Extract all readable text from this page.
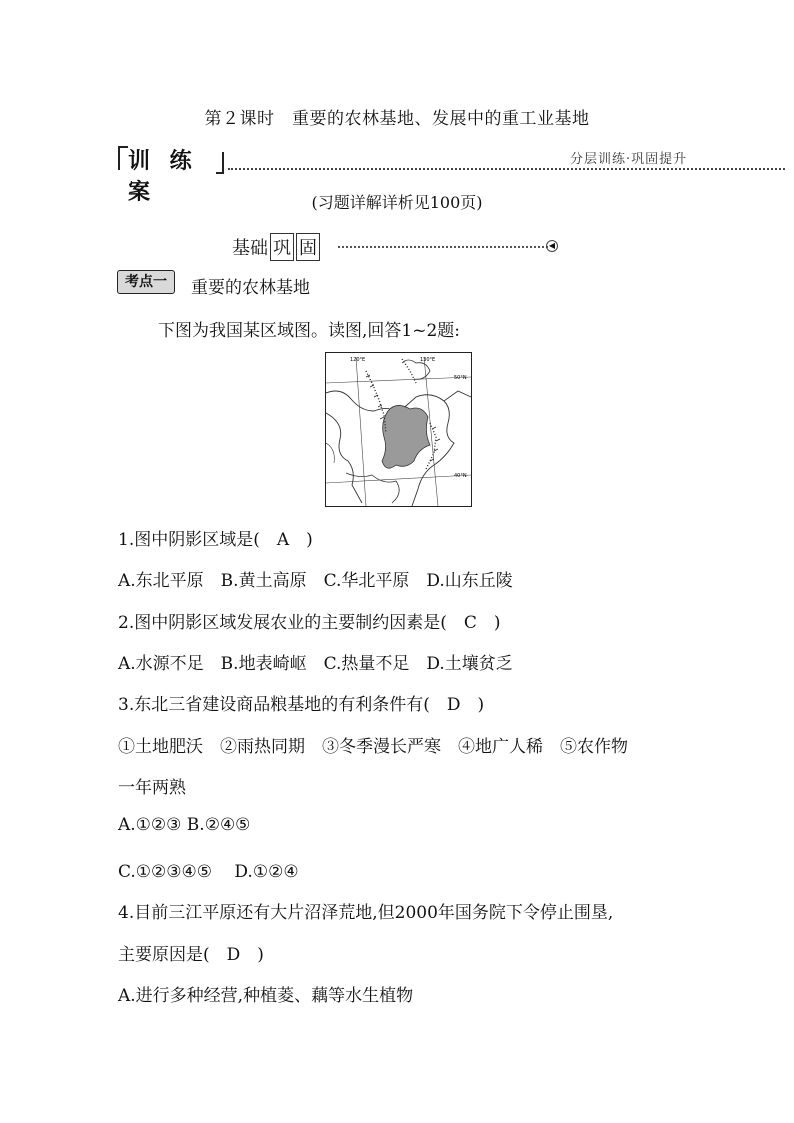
第２课时　重要的农林基地、发展中的重工业基地
训 练 案
分层训练·巩固提升
(习题详解详析见100页)
基础 巩 固	◀
考点一	重要的农林基地
下图为我国某区域图。读图,回答1~2题:
120°E	130°E
50°N
40°N
1.图中阴影区域是(　A　)
A.东北平原　B.黄土高原　C.华北平原　D.山东丘陵
2.图中阴影区域发展农业的主要制约因素是(　C　)
A.水源不足　B.地表崎岖　C.热量不足　D.土壤贫乏
3.东北三省建设商品粮基地的有利条件有(　D　)
①土地肥沃　②雨热同期　③冬季漫长严寒　④地广人稀　⑤农作物
一年两熟
A.①②③ B.②④⑤
C.①②③④⑤　 D.①②④
4.目前三江平原还有大片沼泽荒地,但2000年国务院下令停止围垦,
主要原因是(　D　)
A.进行多种经营,种植菱、藕等水生植物
